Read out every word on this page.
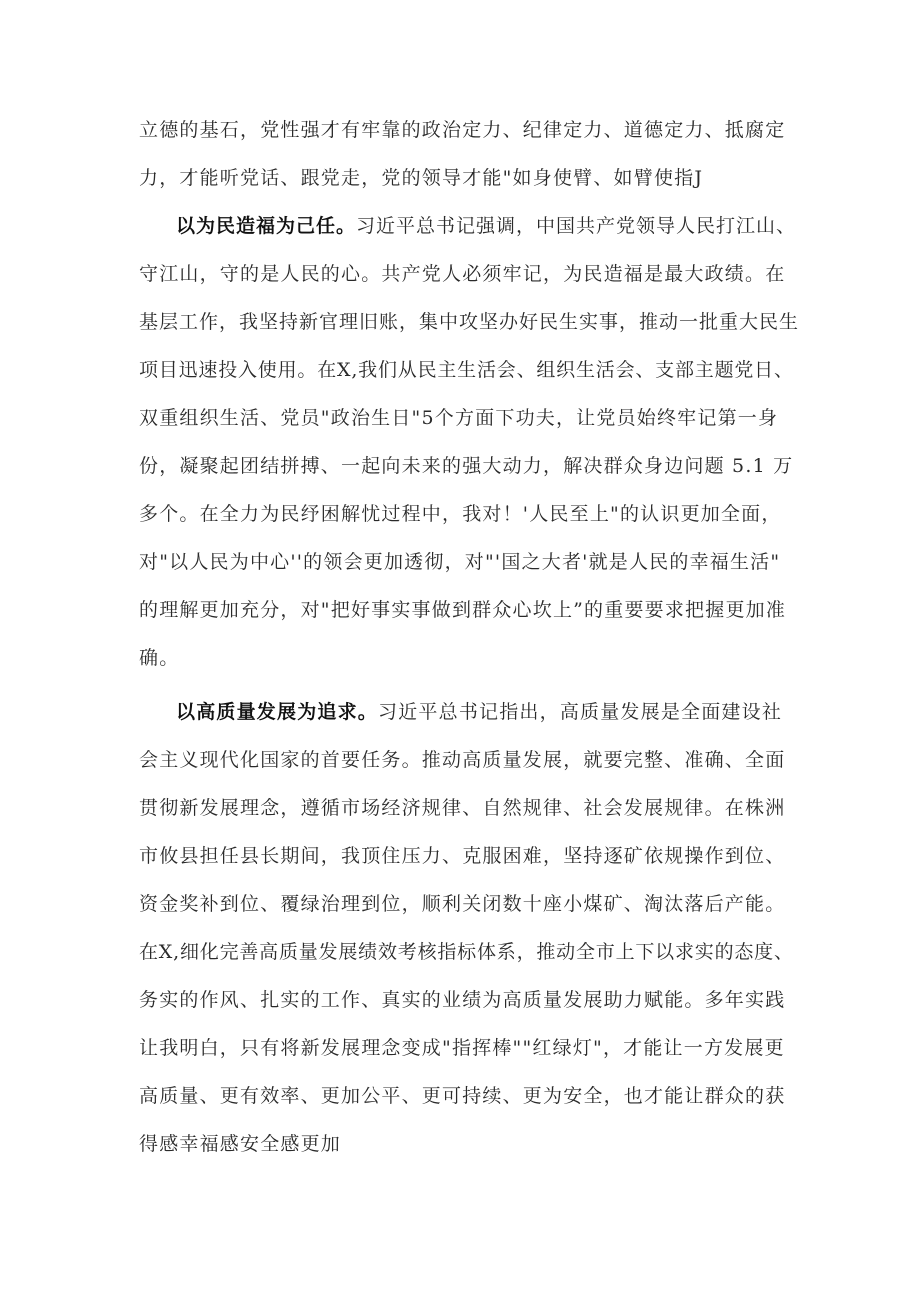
立德的基石，党性强才有牢靠的政治定力、纪律定力、道德定力、抵腐定
力，才能听党话、跟党走，党的领导才能"如身使臂、如臂使指J
以为民造福为己任。习近平总书记强调，中国共产党领导人民打江山、
守江山，守的是人民的心。共产党人必须牢记，为民造福是最大政绩。在
基层工作，我坚持新官理旧账，集中攻坚办好民生实事，推动一批重大民生
项目迅速投入使用。在X,我们从民主生活会、组织生活会、支部主题党日、
双重组织生活、党员"政治生日"5个方面下功夫，让党员始终牢记第一身
份，凝聚起团结拼搏、一起向未来的强大动力，解决群众身边问题 5.1 万
多个。在全力为民纾困解忧过程中，我对！'人民至上"的认识更加全面，
对"以人民为中心''的领会更加透彻，对"'国之大者'就是人民的幸福生活"
的理解更加充分，对"把好事实事做到群众心坎上”的重要要求把握更加准
确。
以高质量发展为追求。习近平总书记指出，高质量发展是全面建设社
会主义现代化国家的首要任务。推动高质量发展，就要完整、准确、全面
贯彻新发展理念，遵循市场经济规律、自然规律、社会发展规律。在株洲
市攸县担任县长期间，我顶住压力、克服困难，坚持逐矿依规操作到位、
资金奖补到位、覆绿治理到位，顺利关闭数十座小煤矿、淘汰落后产能。
在X,细化完善高质量发展绩效考核指标体系，推动全市上下以求实的态度、
务实的作风、扎实的工作、真实的业绩为高质量发展助力赋能。多年实践
让我明白，只有将新发展理念变成"指挥棒""红绿灯"，才能让一方发展更
高质量、更有效率、更加公平、更可持续、更为安全，也才能让群众的获
得感幸福感安全感更加
